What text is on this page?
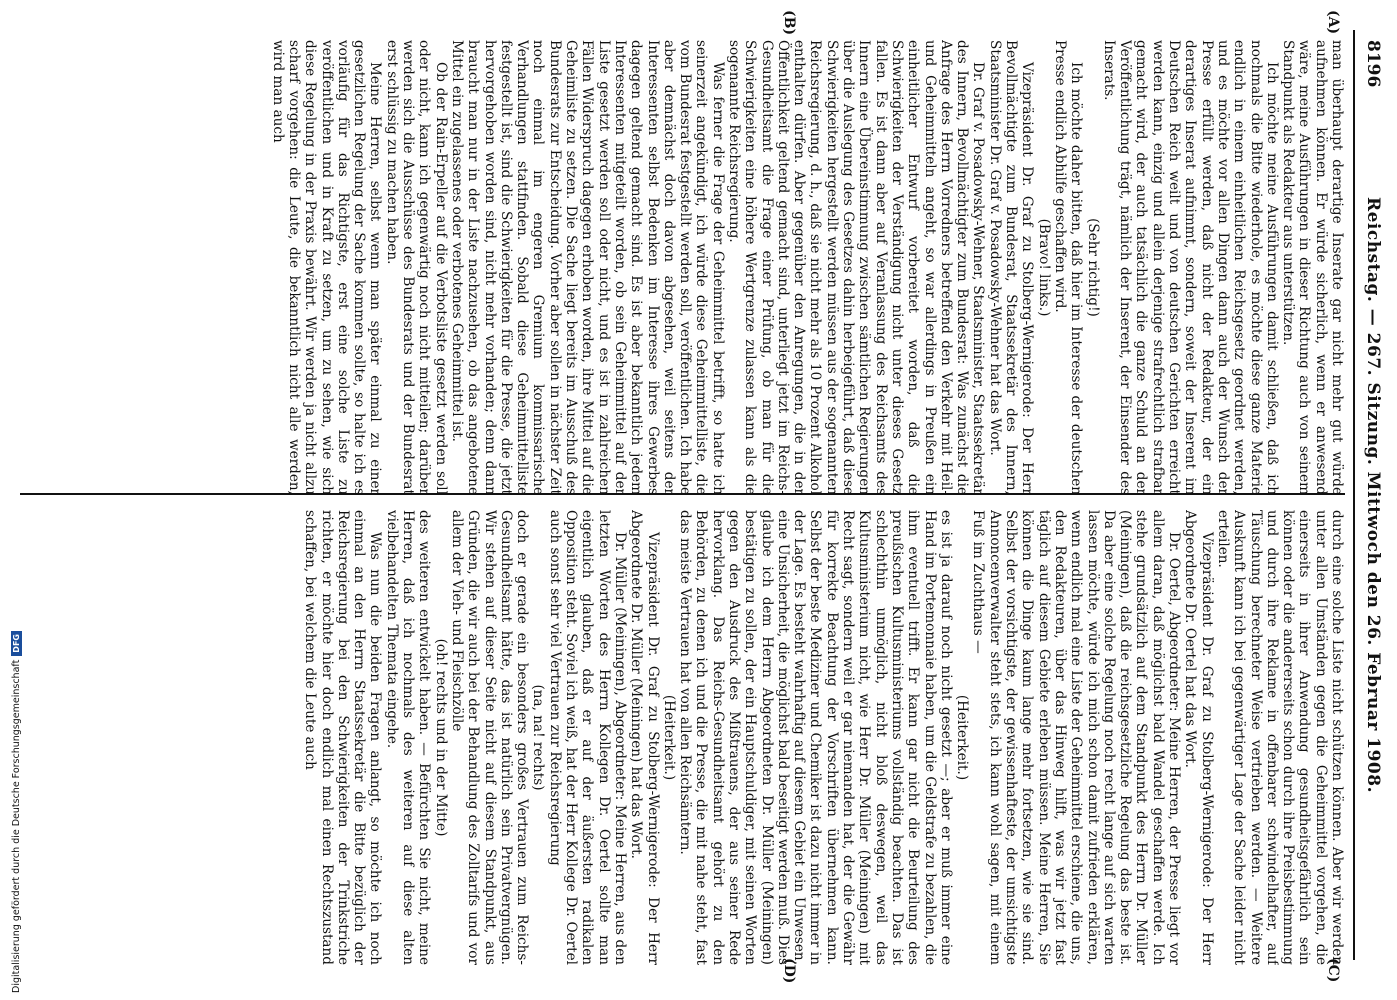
8196
Reichstag. — 267. Sitzung. Mittwoch den 26. Februar 1908.
(A)
(B)
(C)
(D)

man überhaupt derartige Inserate gar nicht mehr gut würde aufnehmen können. Er würde sicherlich, wenn er anwesend wäre, meine Ausführungen in dieser Richtung auch von seinem Standpunkt als Redakteur aus unterstützen.

Ich möchte meine Ausführungen damit schließen, daß ich nochmals die Bitte wiederhole, es möchte diese ganze Materie endlich in einem einheitlichen Reichsgesetz geordnet werden, und es möchte vor allen Dingen dann auch der Wunsch der Presse erfüllt werden, daß nicht der Redakteur, der ein derartiges Inserat aufnimmt, sondern, soweit der Inserent im Deutschen Reich weilt und von deutschen Gerichten erreicht werden kann, einzig und allein derjenige strafrechtlich strafbar gemacht wird, der auch tatsächlich die ganze Schuld an der Veröffentlichung trägt, nämlich der Inserent, der Einsender des Inserats.

(Sehr richtig!)

Ich möchte daher bitten, daß hier im Interesse der deutschen Presse endlich Abhilfe geschaffen wird.

(Bravo! links.)

Vizepräsident Dr. Graf zu Stolberg-Wernigerode: Der Herr Bevollmächtigte zum Bundesrat, Staatssekretär des Innern, Staatsminister Dr. Graf v. Posadowsky-Wehner hat das Wort.

Dr. Graf v. Posadowsky-Wehner, Staatsminister, Staatssekretär des Innern, Bevollmächtigter zum Bundesrat: Was zunächst die Anfrage des Herrn Vorredners betreffend den Verkehr mit Heil- und Geheimmitteln angeht, so war allerdings in Preußen ein einheitlicher Entwurf vorbereitet worden, daß die Schwierigkeiten der Verständigung nicht unter dieses Gesetz fallen. Es ist dann aber auf Veranlassung des Reichsamts des Innern eine Übereinstimmung zwischen sämtlichen Regierungen über die Auslegung des Gesetzes dahin herbeigeführt, daß diese Schwierigkeiten hergestellt werden müssen aus der sogenannten Reichsregierung, d. h., daß sie nicht mehr als 10 Prozent Alkohol enthalten dürfen. Aber gegenüber den Anregungen, die in der Öffentlichkeit geltend gemacht sind, unterliegt jetzt im Reichs-Gesundheitsamt die Frage einer Prüfung, ob man für die Schwierigkeiten eine höhere Wertgrenze zulassen kann als die sogenannte Reichsregierung.

Was ferner die Frage der Geheimmittel betrifft, so hatte ich seinerzeit angekündigt, ich würde diese Geheimmittelliste, die vom Bundesrat festgestellt werden soll, veröffentlichen. Ich habe aber demnächst doch davon abgesehen, weil seitens der Interessenten selbst Bedenken im Interesse ihres Gewerbes dagegen geltend gemacht sind. Es ist aber bekanntlich jedem Interessenten mitgeteilt worden, ob sein Geheimmittel auf der Liste gesetzt werden soll oder nicht, und es ist in zahlreichen Fällen Widerspruch dagegen erhoben worden, ihre Mittel auf die Geheimliste zu setzen. Die Sache liegt bereits im Ausschuß des Bundesrats zur Entscheidung. Vorher aber sollen in nächster Zeit noch einmal im engeren Gremium kommissarische Verhandlungen stattfinden. Sobald diese Geheimmittelliste festgestellt ist, sind die Schwierigkeiten für die Presse, die jetzt hervorgehoben worden sind, nicht mehr vorhanden; denn dann braucht man nur in der Liste nachzusehen, ob das angebotene Mittel ein zugelassenes oder verbotenes Geheimmittel ist.

Ob der Rain-Erpeller auf die Verbotsliste gesetzt werden soll oder nicht, kann ich gegenwärtig noch nicht mitteilen; darüber werden sich die Ausschüsse des Bundesrats und der Bundesrat erst schlüssig zu machen haben.

Meine Herren, selbst wenn man später einmal zu einer gesetzlichen Regelung der Sache kommen sollte, so halte ich es vorläufig für das Richtigste, erst eine solche Liste zu veröffentlichen und in Kraft zu setzen, um zu sehen, wie sich diese Regelung in der Praxis bewährt. Wir werden ja nicht allzu scharf vorgehen: die Leute, die bekanntlich nicht alle werden, wird man auch

durch eine solche Liste nicht schützen können. Aber wir werden unter allen Umständen gegen die Geheimmittel vorgehen, die einerseits in ihrer Anwendung gesundheitsgefährlich sein können oder die andererseits schon durch ihre Preisbestimmung und durch ihre Reklame in offenbarer schwindelhafter, auf Täuschung berechneter Weise vertrieben werden. — Weitere Auskunft kann ich bei gegenwärtiger Lage der Sache leider nicht erteilen.

Vizepräsident Dr. Graf zu Stolberg-Wernigerode: Der Herr Abgeordnete Dr. Oertel hat das Wort.

Dr. Oertel, Abgeordneter: Meine Herren, der Presse liegt vor allem daran, daß möglichst bald Wandel geschaffen werde. Ich stehe grundsätzlich auf dem Standpunkt des Herrn Dr. Müller (Meiningen), daß die reichsgesetzliche Regelung das beste ist. Da aber eine solche Regelung noch recht lange auf sich warten lassen möchte, würde ich mich schon damit zufrieden erklären, wenn endlich mal eine Liste der Geheimmittel erschiene, die uns, den Redakteuren, über das Hinweg hilft, was wir jetzt fast täglich auf diesem Gebiete erleben müssen. Meine Herren, Sie können die Dinge kaum lange mehr fortsetzen, wie sie sind. Selbst der vorsichtigste, der gewissenhafteste, der umsichtigste Annoncenverwalter steht stets, ich kann wohl sagen, mit einem Fuß im Zuchthaus —

(Heiterkeit.)

es ist ja darauf noch nicht gesetzt —; aber er muß immer eine Hand im Portemonnaie haben, um die Geldstrafe zu bezahlen, die ihm eventuell trifft. Er kann gar nicht die Beurteilung des preußischen Kultusministeriums vollständig beachten. Das ist schlechthin unmöglich, nicht bloß deswegen, weil das Kultusministerium nicht, wie Herr Dr. Müller (Meiningen) mit Recht sagt, sondern weil er gar niemanden hat, der die Gewähr für korrekte Beachtung der Vorschriften übernehmen kann. Selbst der beste Mediziner und Chemiker ist dazu nicht immer in der Lage. Es besteht wahrhaftig auf diesem Gebiet ein Unwesen, eine Unsicherheit, die möglichst bald beseitigt werden muß. Dies glaube ich dem Herrn Abgeordneten Dr. Müller (Meiningen) bestätigen zu sollen, der ein Hauptschuldiger, mit seinen Worten gegen den Ausdruck des Mißtrauens, der aus seiner Rede hervorklang. Das Reichs-Gesundheitsamt gehört zu den Behörden, zu denen ich und die Presse, die mit nahe steht, fast das meiste Vertrauen hat von allen Reichsämtern.

(Heiterkeit.)

Vizepräsident Dr. Graf zu Stolberg-Wernigerode: Der Herr Abgeordnete Dr. Müller (Meiningen) hat das Wort.

Dr. Müller (Meiningen), Abgeordneter: Meine Herren, aus den letzten Worten des Herrn Kollegen Dr. Oertel sollte man eigentlich glauben, daß er auf der äußersten radikalen Opposition steht. Soviel ich weiß, hat der Herr Kollege Dr. Oertel auch sonst sehr viel Vertrauen zur Reichsregierung

(na, na! rechts)

doch er gerade ein besonders großes Vertrauen zum Reichs-Gesundheitsamt hätte, das ist natürlich sein Privatvergnügen. Wir stehen auf dieser Seite nicht auf diesem Standpunkt, aus Gründen, die wir auch bei der Behandlung des Zolltarifs und vor allem der Vieh- und Fleischzölle

(oh! rechts und in der Mitte)

des weiteren entwickelt haben. — Befürchten Sie nicht, meine Herren, daß ich nochmals des weiteren auf diese alten vielbehandelten Themata eingehe.

Was nun die beiden Fragen anlangt, so möchte ich noch einmal an den Herrn Staatssekretär die Bitte bezüglich der Reichsregierung bei den Schwierigkeiten der Trinkstriche richten, er möchte hier doch endlich mal einen Rechtszustand schaffen, bei welchem die Leute auch

Digitalisierung gefördert durch die Deutsche Forschungsgemeinschaft
DFG
